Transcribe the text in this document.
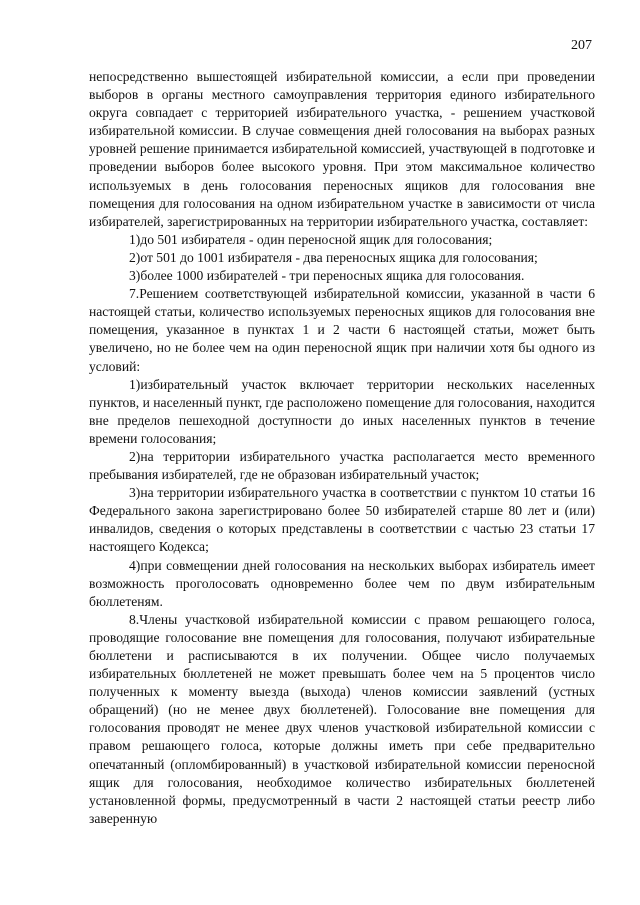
207

непосредственно вышестоящей избирательной комиссии, а если при проведении выборов в органы местного самоуправления территория единого избирательного округа совпадает с территорией избирательного участка, - решением участковой избирательной комиссии. В случае совмещения дней голосования на выборах разных уровней решение принимается избирательной комиссией, участвующей в подготовке и проведении выборов более высокого уровня. При этом максимальное количество используемых в день голосования переносных ящиков для голосования вне помещения для голосования на одном избирательном участке в зависимости от числа избирателей, зарегистрированных на территории избирательного участка, составляет:

1)до 501 избирателя - один переносной ящик для голосования;

2)от 501 до 1001 избирателя - два переносных ящика для голосования;

3)более 1000 избирателей - три переносных ящика для голосования.

7.Решением соответствующей избирательной комиссии, указанной в части 6 настоящей статьи, количество используемых переносных ящиков для голосования вне помещения, указанное в пунктах 1 и 2 части 6 настоящей статьи, может быть увеличено, но не более чем на один переносной ящик при наличии хотя бы одного из условий:

1)избирательный участок включает территории нескольких населенных пунктов, и населенный пункт, где расположено помещение для голосования, находится вне пределов пешеходной доступности до иных населенных пунктов в течение времени голосования;

2)на территории избирательного участка располагается место временного пребывания избирателей, где не образован избирательный участок;

3)на территории избирательного участка в соответствии с пунктом 10 статьи 16 Федерального закона зарегистрировано более 50 избирателей старше 80 лет и (или) инвалидов, сведения о которых представлены в соответствии с частью 23 статьи 17 настоящего Кодекса;

4)при совмещении дней голосования на нескольких выборах избиратель имеет возможность проголосовать одновременно более чем по двум избирательным бюллетеням.

8.Члены участковой избирательной комиссии с правом решающего голоса, проводящие голосование вне помещения для голосования, получают избирательные бюллетени и расписываются в их получении. Общее число получаемых избирательных бюллетеней не может превышать более чем на 5 процентов число полученных к моменту выезда (выхода) членов комиссии заявлений (устных обращений) (но не менее двух бюллетеней). Голосование вне помещения для голосования проводят не менее двух членов участковой избирательной комиссии с правом решающего голоса, которые должны иметь при себе предварительно опечатанный (опломбированный) в участковой избирательной комиссии переносной ящик для голосования, необходимое количество избирательных бюллетеней установленной формы, предусмотренный в части 2 настоящей статьи реестр либо заверенную
